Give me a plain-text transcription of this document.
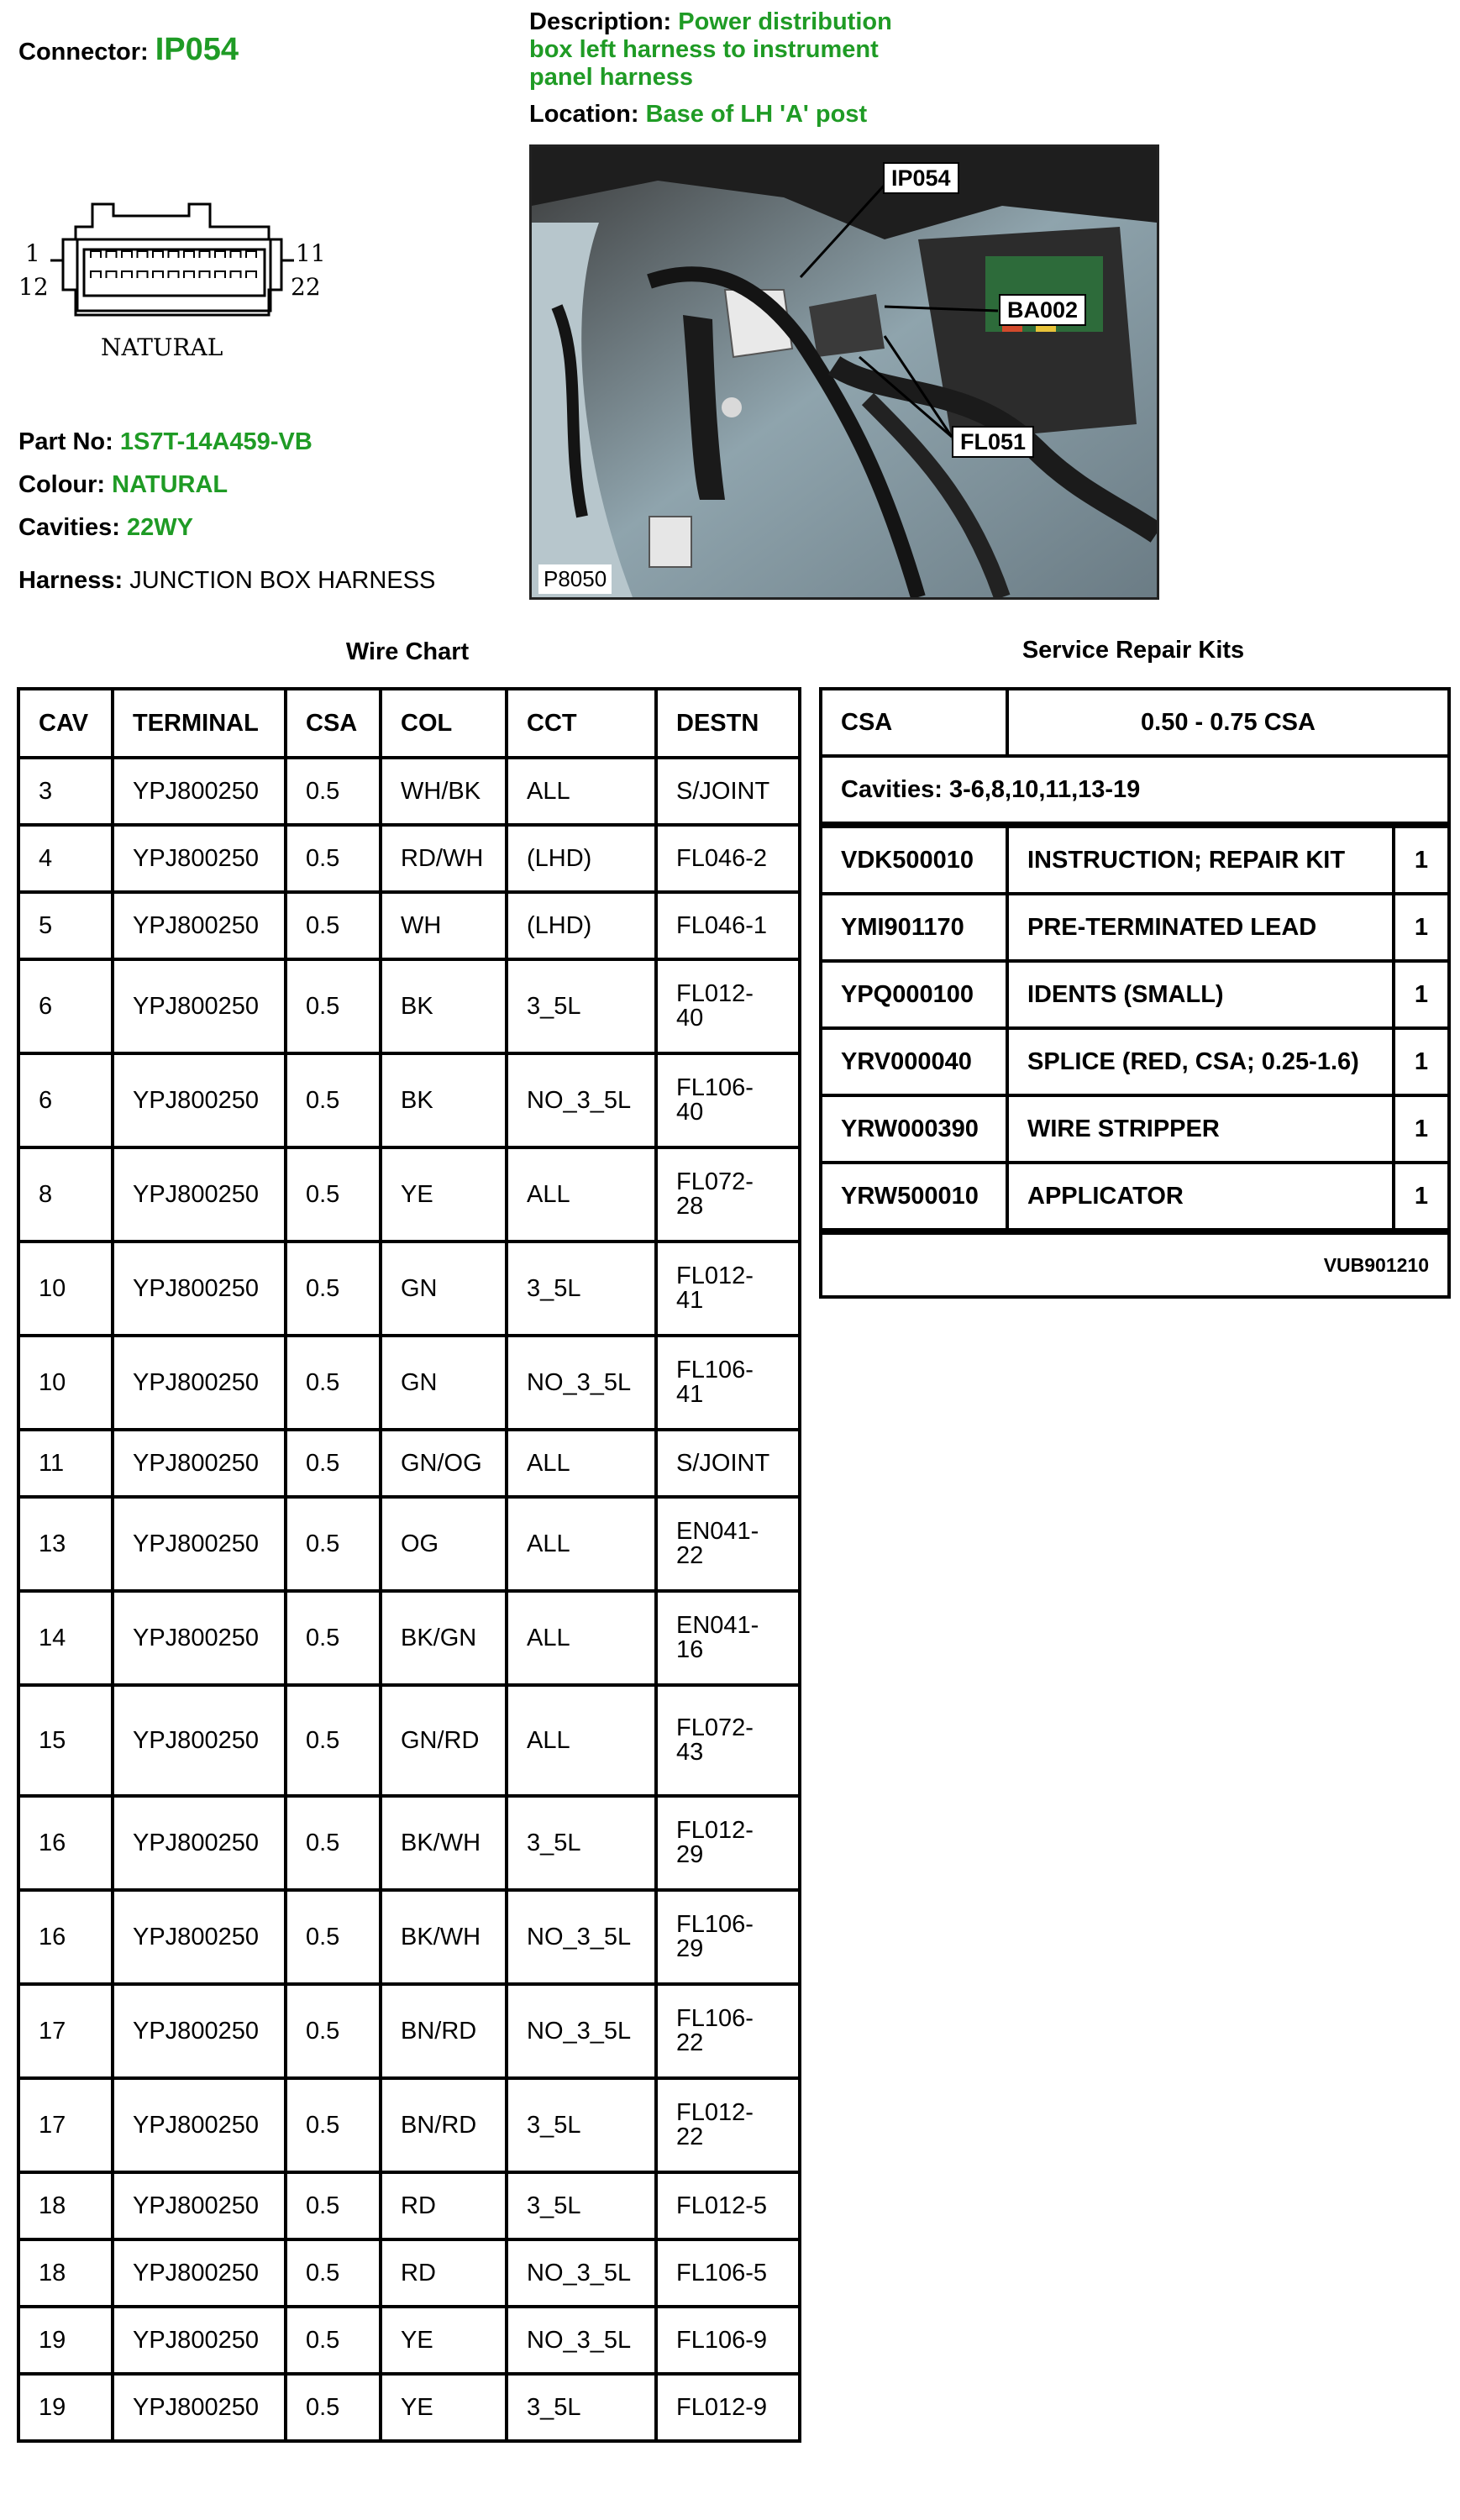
Connector: IP054
Description: Power distribution
box left harness to instrument
panel harness
Location: Base of LH 'A' post
1
12
11
22
NATURAL
Part No: 1S7T-14A459-VB
Colour: NATURAL
Cavities: 22WY
Harness: JUNCTION BOX HARNESS
IP054
BA002
FL051
P8050
Wire Chart	Service Repair Kits
CAV	TERMINAL	CSA	COL	CCT	DESTN
3	YPJ800250	0.5	WH/BK	ALL	S/JOINT
4	YPJ800250	0.5	RD/WH	(LHD)	FL046-2
5	YPJ800250	0.5	WH	(LHD)	FL046-1
6	YPJ800250	0.5	BK	3_5L	FL012-
40
6	YPJ800250	0.5	BK	NO_3_5L	FL106-
40
8	YPJ800250	0.5	YE	ALL	FL072-
28
10	YPJ800250	0.5	GN	3_5L	FL012-
41
10	YPJ800250	0.5	GN	NO_3_5L	FL106-
41
11	YPJ800250	0.5	GN/OG	ALL	S/JOINT
13	YPJ800250	0.5	OG	ALL	EN041-
22
14	YPJ800250	0.5	BK/GN	ALL	EN041-
16
15	YPJ800250	0.5	GN/RD	ALL	FL072-
43
16	YPJ800250	0.5	BK/WH	3_5L	FL012-
29
16	YPJ800250	0.5	BK/WH	NO_3_5L	FL106-
29
17	YPJ800250	0.5	BN/RD	NO_3_5L	FL106-
22
17	YPJ800250	0.5	BN/RD	3_5L	FL012-
22
18	YPJ800250	0.5	RD	3_5L	FL012-5
18	YPJ800250	0.5	RD	NO_3_5L	FL106-5
19	YPJ800250	0.5	YE	NO_3_5L	FL106-9
19	YPJ800250	0.5	YE	3_5L	FL012-9
CSA	0.50 - 0.75 CSA	
Cavities: 3-6,8,10,11,13-19		
VDK500010	INSTRUCTION; REPAIR KIT	1
YMI901170	PRE-TERMINATED LEAD	1
YPQ000100	IDENTS (SMALL)	1
YRV000040	SPLICE (RED, CSA; 0.25-1.6)	1
YRW000390	WIRE STRIPPER	1
YRW500010	APPLICATOR	1
VUB901210		
